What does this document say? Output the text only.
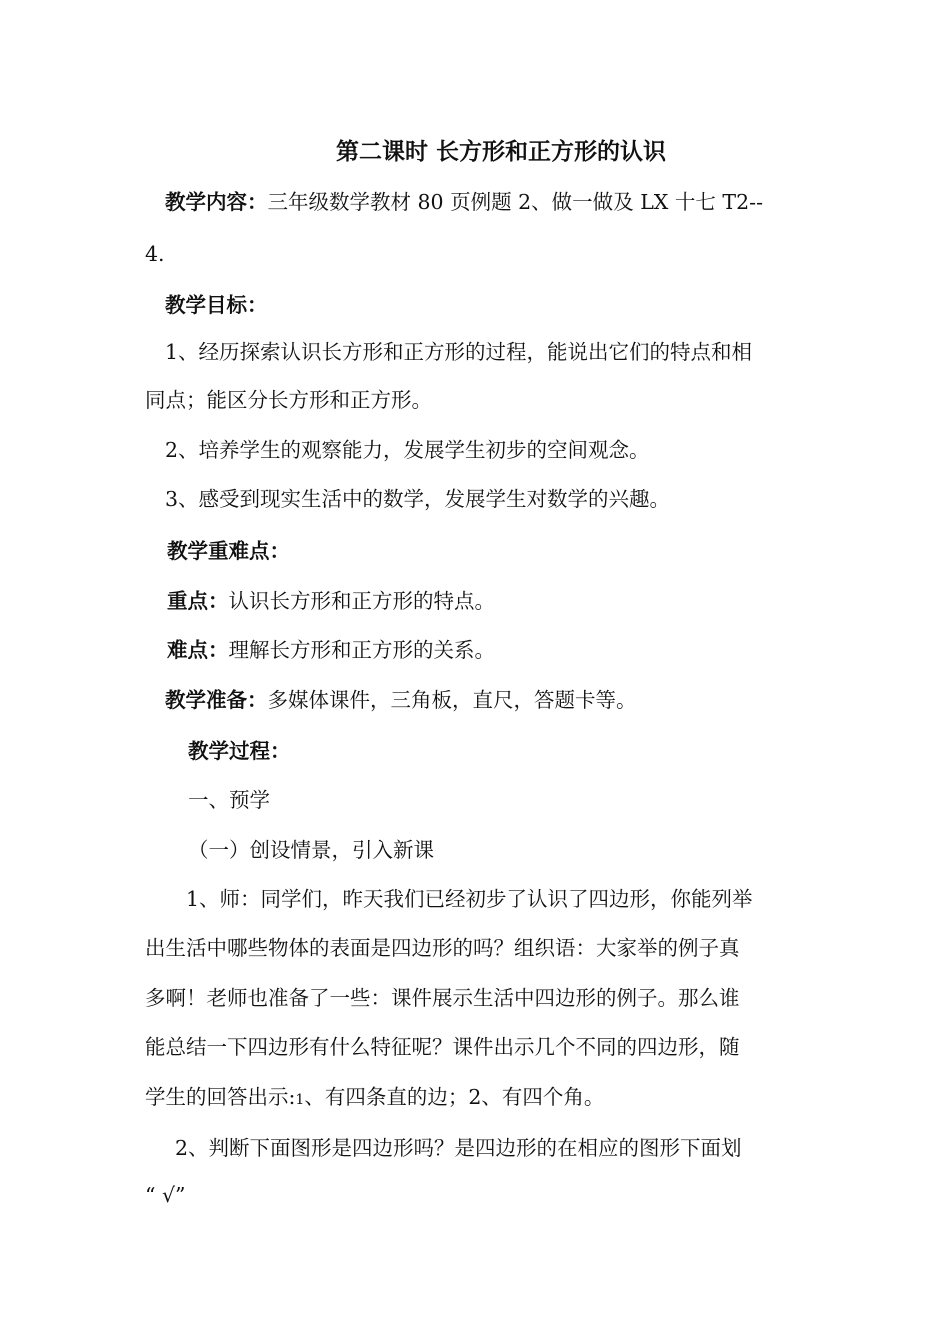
第二课时 长方形和正方形的认识
教学内容：三年级数学教材 80 页例题 2、做一做及 LX 十七 T2--
4.
教学目标：
1、经历探索认识长方形和正方形的过程，能说出它们的特点和相
同点；能区分长方形和正方形。
2、培养学生的观察能力，发展学生初步的空间观念。
3、感受到现实生活中的数学，发展学生对数学的兴趣。
教学重难点：
重点：认识长方形和正方形的特点。
难点：理解长方形和正方形的关系。
教学准备：多媒体课件，三角板，直尺，答题卡等。
教学过程：
一、预学
（一）创设情景，引入新课
1、师：同学们，昨天我们已经初步了认识了四边形，你能列举
出生活中哪些物体的表面是四边形的吗？组织语：大家举的例子真
多啊！老师也准备了一些：课件展示生活中四边形的例子。那么谁
能总结一下四边形有什么特征呢？课件出示几个不同的四边形，随
学生的回答出示:1、有四条直的边；2、有四个角。
2、判断下面图形是四边形吗？是四边形的在相应的图形下面划
“ √”
